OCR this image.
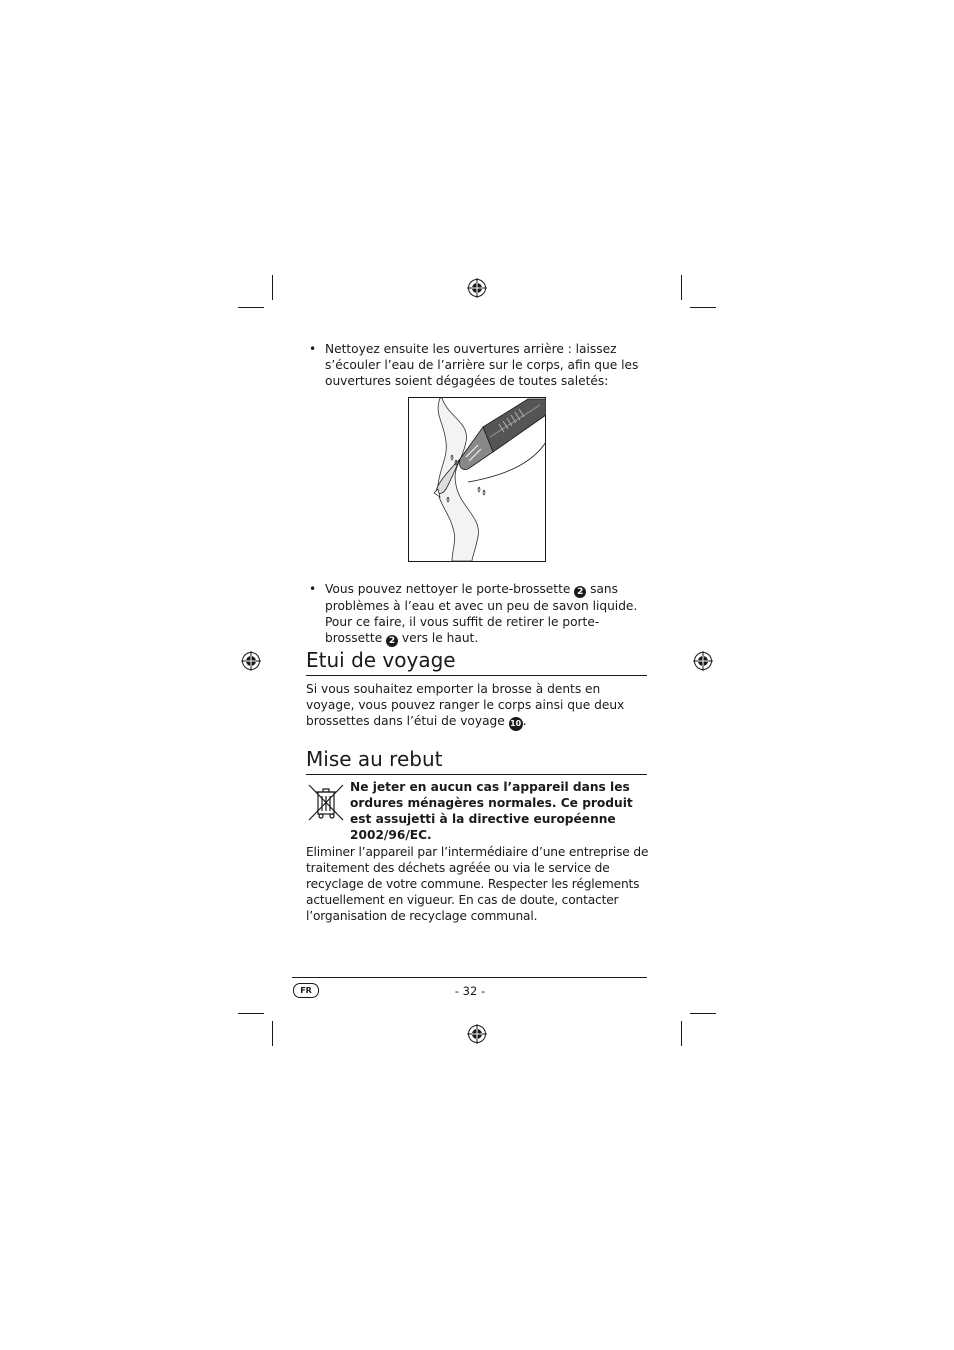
• Nettoyez ensuite les ouvertures arrière : laissez s’écouler l’eau de l’arrière sur le corps, afin que les ouvertures soient dégagées de toutes saletés:
• Vous pouvez nettoyer le porte-brossette 2 sans problèmes à l’eau et avec un peu de savon liquide. Pour ce faire, il vous suffit de retirer le porte-brossette 2 vers le haut.
Etui de voyage

Si vous souhaitez emporter la brosse à dents en voyage, vous pouvez ranger le corps ainsi que deux brossettes dans l’étui de voyage 10.

Mise au rebut

Ne jeter en aucun cas l’appareil dans les ordures ménagères normales. Ce produit est assujetti à la directive européenne 2002/96/EC.

Eliminer l’appareil par l’intermédiaire d’une entreprise de traitement des déchets agréée ou via le service de recyclage de votre commune. Respecter les réglements actuellement en vigueur. En cas de doute, contacter l’organisation de recyclage communal.

FR	- 32 -
